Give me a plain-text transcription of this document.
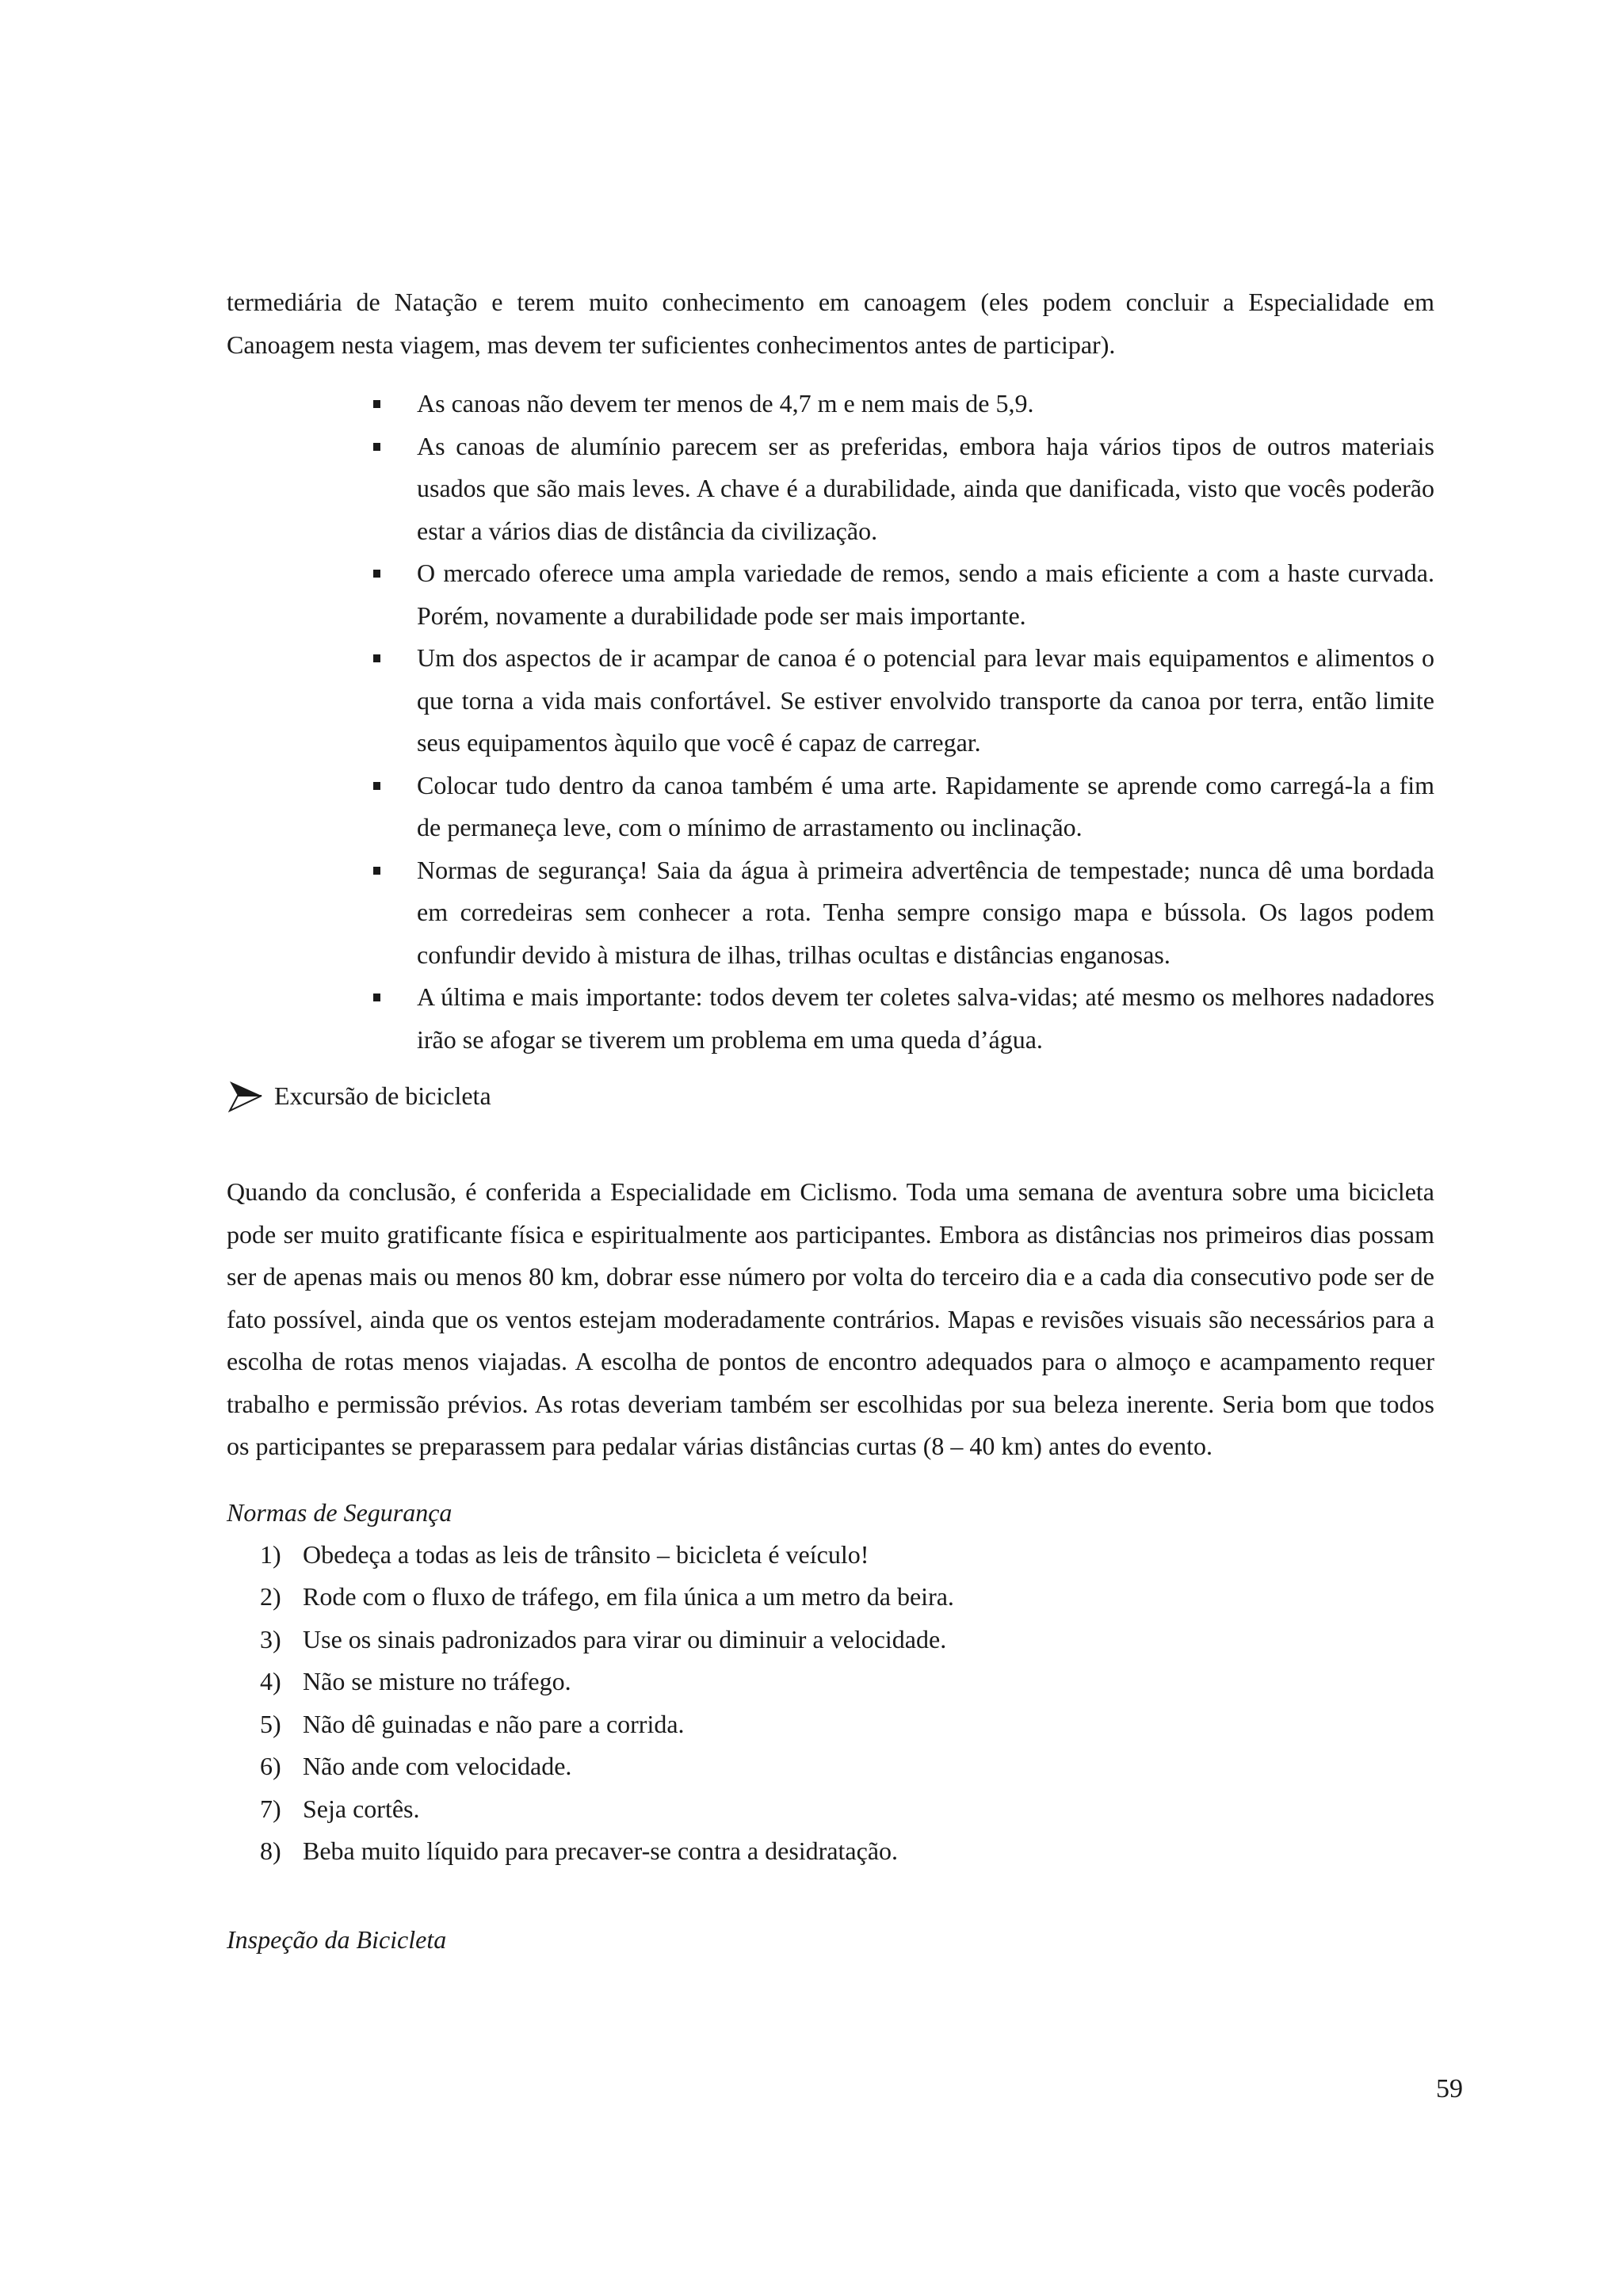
termediária de Natação e terem muito conhecimento em canoagem (eles podem concluir a Especialidade em Canoagem nesta viagem, mas devem ter suficientes conhecimentos antes de participar).

As canoas não devem ter menos de 4,7 m e nem mais de 5,9.
As canoas de alumínio parecem ser as preferidas, embora haja vários tipos de outros materiais usados que são mais leves. A chave é a durabilidade, ainda que danificada, visto que vocês poderão estar a vários dias de distância da civilização.
O mercado oferece uma ampla variedade de remos, sendo a mais eficiente a com a haste curvada. Porém, novamente a durabilidade pode ser mais importante.
Um dos aspectos de ir acampar de canoa é o potencial para levar mais equipamentos e alimentos o que torna a vida mais confortável. Se estiver envolvido transporte da canoa por terra, então limite seus equipamentos àquilo que você é capaz de carregar.
Colocar tudo dentro da canoa também é uma arte. Rapidamente se aprende como carregá-la a fim de permaneça leve, com o mínimo de arrastamento ou inclinação.
Normas de segurança! Saia da água à primeira advertência de tempestade; nunca dê uma bordada em corredeiras sem conhecer a rota. Tenha sempre consigo mapa e bússola. Os lagos podem confundir devido à mistura de ilhas, trilhas ocultas e distâncias enganosas.
A última e mais importante: todos devem ter coletes salva-vidas; até mesmo os melhores nadadores irão se afogar se tiverem um problema em uma queda d’água.
Excursão de bicicleta

Quando da conclusão, é conferida a Especialidade em Ciclismo. Toda uma semana de aventura sobre uma bicicleta pode ser muito gratificante física e espiritualmente aos participantes. Embora as distâncias nos primeiros dias possam ser de apenas mais ou menos 80 km, dobrar esse número por volta do terceiro dia e a cada dia consecutivo pode ser de fato possível, ainda que os ventos estejam moderadamente contrários. Mapas e revisões visuais são necessários para a escolha de rotas menos viajadas. A escolha de pontos de encontro adequados para o almoço e acampamento requer trabalho e permissão prévios. As rotas deveriam também ser escolhidas por sua beleza inerente. Seria bom que todos os participantes se preparassem para pedalar várias distâncias curtas (8 – 40 km) antes do evento.

Normas de Segurança

1) Obedeça a todas as leis de trânsito – bicicleta é veículo!
2) Rode com o fluxo de tráfego, em fila única a um metro da beira.
3) Use os sinais padronizados para virar ou diminuir a velocidade.
4) Não se misture no tráfego.
5) Não dê guinadas e não pare a corrida.
6) Não ande com velocidade.
7) Seja cortês.
8) Beba muito líquido para precaver-se contra a desidratação.

Inspeção da Bicicleta

59
